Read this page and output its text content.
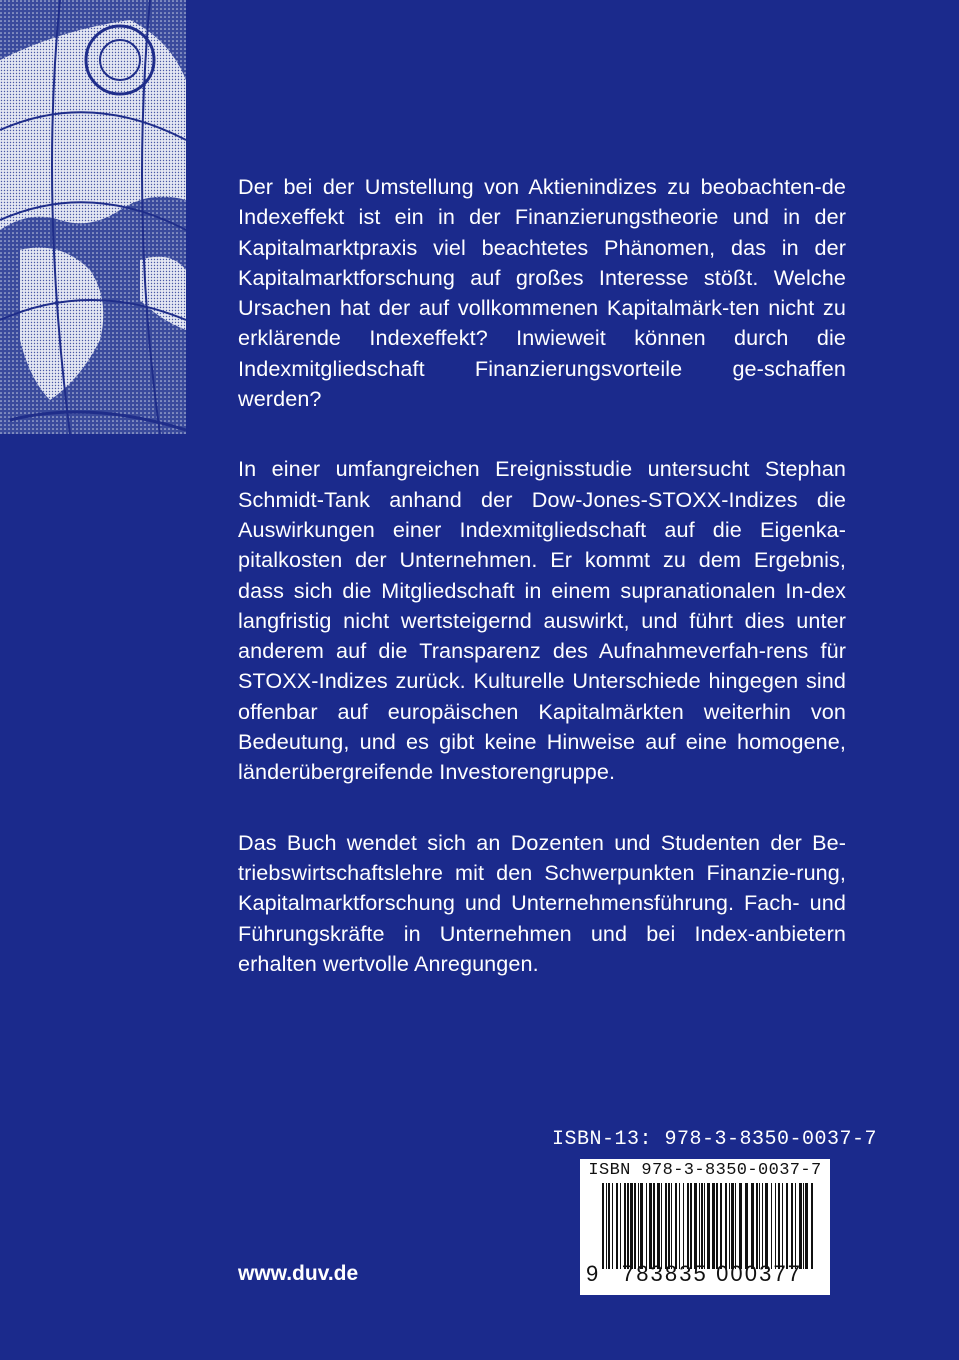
Der bei der Umstellung von Aktienindizes zu beobachten-de Indexeffekt ist ein in der Finanzierungstheorie und in der Kapitalmarktpraxis viel beachtetes Phänomen, das in der Kapitalmarktforschung auf großes Interesse stößt. Welche Ursachen hat der auf vollkommenen Kapitalmärk-ten nicht zu erklärende Indexeffekt? Inwieweit können durch die Indexmitgliedschaft Finanzierungsvorteile ge-schaffen werden?

In einer umfangreichen Ereignisstudie untersucht Stephan Schmidt-Tank anhand der Dow-Jones-STOXX-Indizes die Auswirkungen einer Indexmitgliedschaft auf die Eigenka-pitalkosten der Unternehmen. Er kommt zu dem Ergebnis, dass sich die Mitgliedschaft in einem supranationalen In-dex langfristig nicht wertsteigernd auswirkt, und führt dies unter anderem auf die Transparenz des Aufnahmeverfah-rens für STOXX-Indizes zurück. Kulturelle Unterschiede hingegen sind offenbar auf europäischen Kapitalmärkten weiterhin von Bedeutung, und es gibt keine Hinweise auf eine homogene, länderübergreifende Investorengruppe.

Das Buch wendet sich an Dozenten und Studenten der Be-triebswirtschaftslehre mit den Schwerpunkten Finanzie-rung, Kapitalmarktforschung und Unternehmensführung. Fach- und Führungskräfte in Unternehmen und bei Index-anbietern erhalten wertvolle Anregungen.

ISBN-13: 978-3-8350-0037-7
ISBN 978-3-8350-0037-7
9	783835 000377
www.duv.de
